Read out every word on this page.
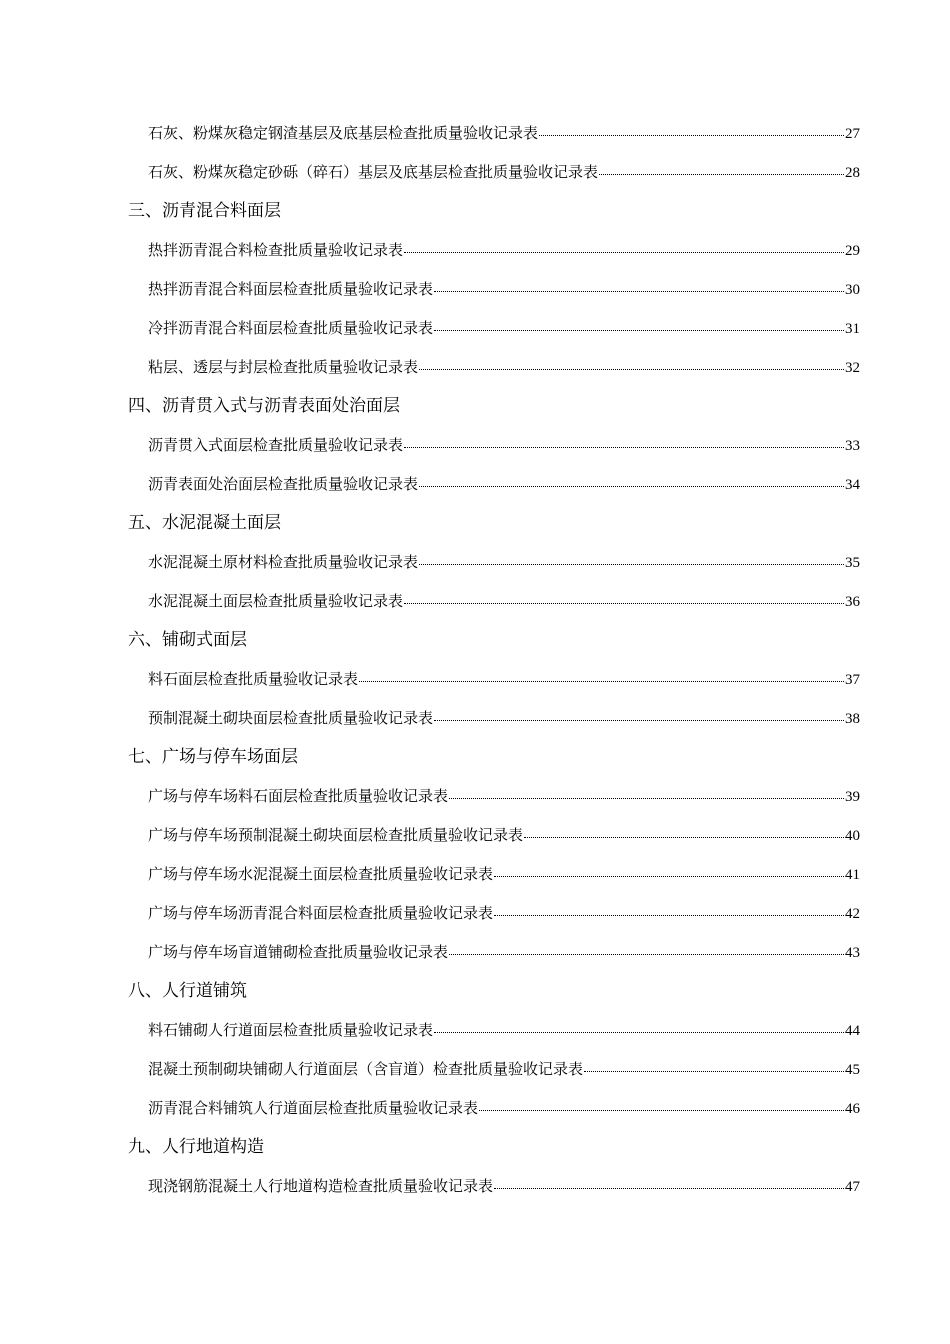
石灰、粉煤灰稳定钢渣基层及底基层检查批质量验收记录表	27
石灰、粉煤灰稳定砂砾（碎石）基层及底基层检查批质量验收记录表	28
三、沥青混合料面层
热拌沥青混合料检查批质量验收记录表	29
热拌沥青混合料面层检查批质量验收记录表	30
冷拌沥青混合料面层检查批质量验收记录表	31
粘层、透层与封层检查批质量验收记录表	32
四、沥青贯入式与沥青表面处治面层
沥青贯入式面层检查批质量验收记录表	33
沥青表面处治面层检查批质量验收记录表	34
五、水泥混凝土面层
水泥混凝土原材料检查批质量验收记录表	35
水泥混凝土面层检查批质量验收记录表	36
六、铺砌式面层
料石面层检查批质量验收记录表	37
预制混凝土砌块面层检查批质量验收记录表	38
七、广场与停车场面层
广场与停车场料石面层检查批质量验收记录表	39
广场与停车场预制混凝土砌块面层检查批质量验收记录表	40
广场与停车场水泥混凝土面层检查批质量验收记录表	41
广场与停车场沥青混合料面层检查批质量验收记录表	42
广场与停车场盲道铺砌检查批质量验收记录表	43
八、人行道铺筑
料石铺砌人行道面层检查批质量验收记录表	44
混凝土预制砌块铺砌人行道面层（含盲道）检查批质量验收记录表	45
沥青混合料铺筑人行道面层检查批质量验收记录表	46
九、人行地道构造
现浇钢筋混凝土人行地道构造检查批质量验收记录表	47
